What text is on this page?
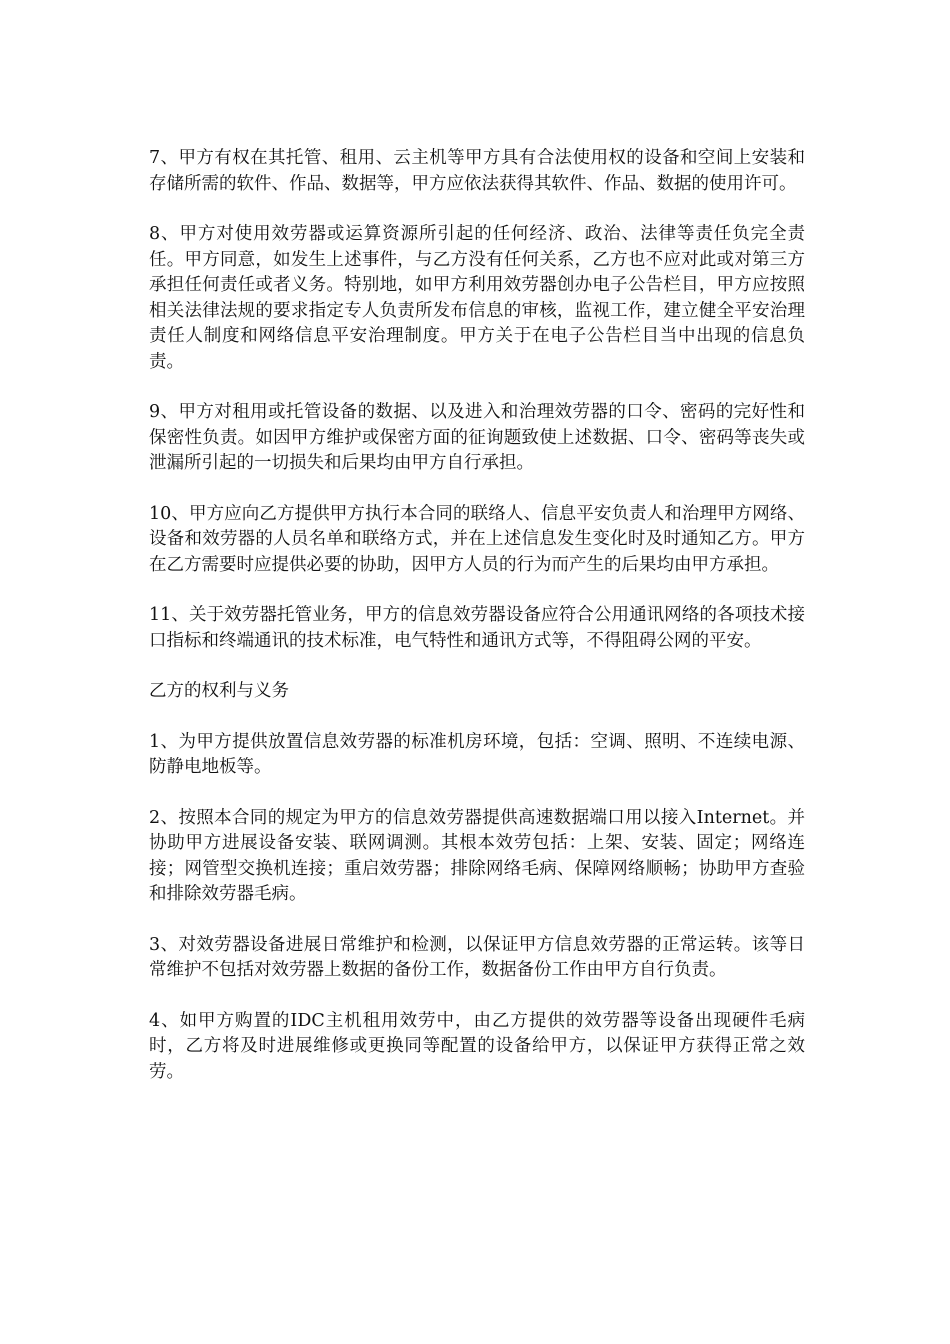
7、甲方有权在其托管、租用、云主机等甲方具有合法使用权的设备和空间上安装和存储所需的软件、作品、数据等，甲方应依法获得其软件、作品、数据的使用许可。

8、甲方对使用效劳器或运算资源所引起的任何经济、政治、法律等责任负完全责任。甲方同意，如发生上述事件，与乙方没有任何关系，乙方也不应对此或对第三方承担任何责任或者义务。特别地，如甲方利用效劳器创办电子公告栏目，甲方应按照相关法律法规的要求指定专人负责所发布信息的审核，监视工作，建立健全平安治理责任人制度和网络信息平安治理制度。甲方关于在电子公告栏目当中出现的信息负责。

9、甲方对租用或托管设备的数据、以及进入和治理效劳器的口令、密码的完好性和保密性负责。如因甲方维护或保密方面的征询题致使上述数据、口令、密码等丧失或泄漏所引起的一切损失和后果均由甲方自行承担。

10、甲方应向乙方提供甲方执行本合同的联络人、信息平安负责人和治理甲方网络、设备和效劳器的人员名单和联络方式，并在上述信息发生变化时及时通知乙方。甲方在乙方需要时应提供必要的协助，因甲方人员的行为而产生的后果均由甲方承担。

11、关于效劳器托管业务，甲方的信息效劳器设备应符合公用通讯网络的各项技术接口指标和终端通讯的技术标准，电气特性和通讯方式等，不得阻碍公网的平安。

乙方的权利与义务

1、为甲方提供放置信息效劳器的标准机房环境，包括：空调、照明、不连续电源、防静电地板等。

2、按照本合同的规定为甲方的信息效劳器提供高速数据端口用以接入Internet。并协助甲方进展设备安装、联网调测。其根本效劳包括：上架、安装、固定；网络连接；网管型交换机连接；重启效劳器；排除网络毛病、保障网络顺畅；协助甲方查验和排除效劳器毛病。

3、对效劳器设备进展日常维护和检测，以保证甲方信息效劳器的正常运转。该等日常维护不包括对效劳器上数据的备份工作，数据备份工作由甲方自行负责。

4、如甲方购置的IDC主机租用效劳中，由乙方提供的效劳器等设备出现硬件毛病时，乙方将及时进展维修或更换同等配置的设备给甲方，以保证甲方获得正常之效劳。
